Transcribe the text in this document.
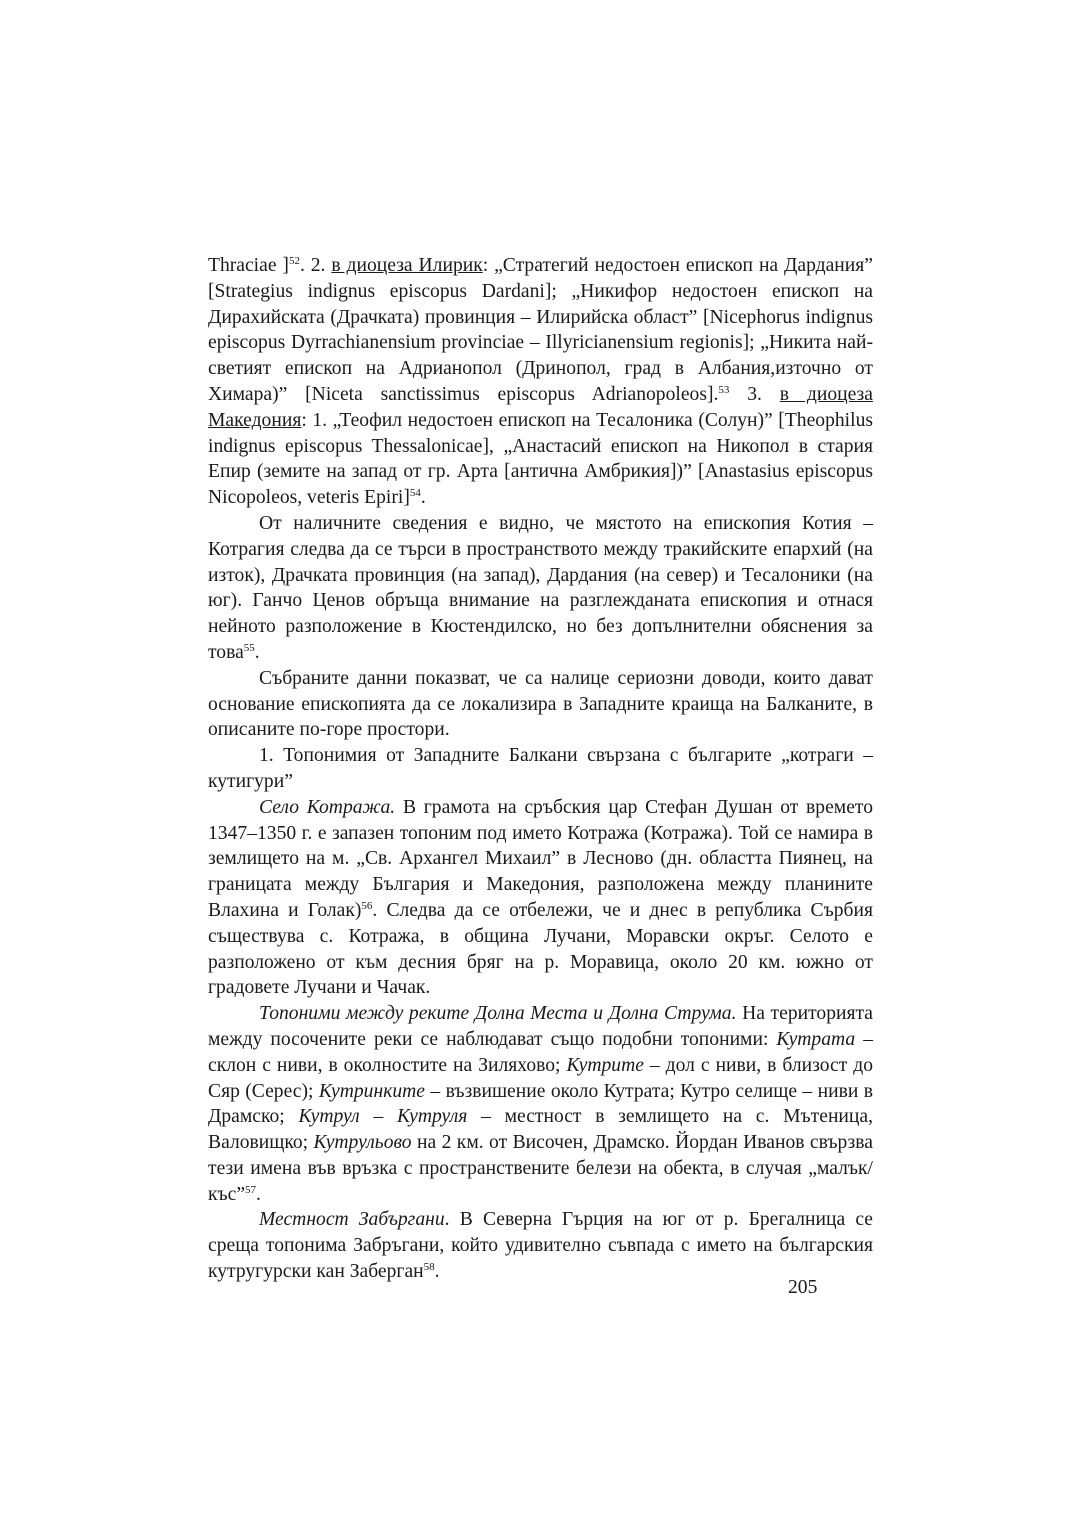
Thraciae ]$^{52}$. 2. в диоцеза Илирик: „Стратегий недостоен епископ на Дардания” [Strategius indignus episcopus Dardani]; „Никифор недостоен епископ на Дирахийската (Драчката) провинция – Илирийска област” [Nicephorus indignus episcopus Dyrrachianensium provinciae – Illyricianensium regionis]; „Никита най-светият епископ на Адрианопол (Дринопол, град в Албания,източно от Химара)” [Niceta sanctissimus episcopus Adrianopoleos].$^{53}$ 3. в диоцеза Македония: 1. „Теофил недостоен епископ на Тесалоника (Солун)” [Theophilus indignus episcopus Thessalonicae], „Анастасий епископ на Никопол в стария Епир (земите на запад от гр. Арта [антична Амбрикия])” [Anastasius episcopus Nicopoleos, veteris Epiri]$^{54}$.

От наличните сведения е видно, че мястото на епископия Котия – Котрагия следва да се търси в пространството между тракийските епархий (на изток), Драчката провинция (на запад), Дардания (на север) и Тесалоники (на юг). Ганчо Ценов обръща внимание на разглежданата епископия и отнася нейното разположение в Кюстендилско, но без допълнителни обяснения за това$^{55}$.

Събраните данни показват, че са налице сериозни доводи, които дават основание епископията да се локализира в Западните краища на Балканите, в описаните по-горе простори.

1. Топонимия от Западните Балкани свързана с българите „котраги – кутигури”

Село Котража. В грамота на сръбския цар Стефан Душан от времето 1347–1350 г. е запазен топоним под името Котража (Котража). Той се намира в землището на м. „Св. Архангел Михаил” в Лесново (дн. областта Пиянец, на границата между България и Македония, разположена между планините Влахина и Голак)$^{56}$. Следва да се отбележи, че и днес в република Сърбия съществува с. Котража, в община Лучани, Моравски окръг. Селото е разположено от към десния бряг на р. Моравица, около 20 км. южно от градовете Лучани и Чачак.

Топоними между реките Долна Места и Долна Струма. На територията между посочените реки се наблюдават също подобни топоними: Кутрата – склон с ниви, в околностите на Зиляхово; Кутрите – дол с ниви, в близост до Сяр (Серес); Кутринките – възвишение около Кутрата; Кутро селище – ниви в Драмско; Кутрул – Кутруля – местност в землището на с. Мътеница, Валовищко; Кутрульово на 2 км. от Височен, Драмско. Йордан Иванов свързва тези имена във връзка с пространствените белези на обекта, в случая „малък/къс”$^{57}$.

Местност Забъргани. В Северна Гърция на юг от р. Брегалница се среща топонима Забръгани, който удивително съвпада с името на българския кутругурски кан Заберган$^{58}$.

205
